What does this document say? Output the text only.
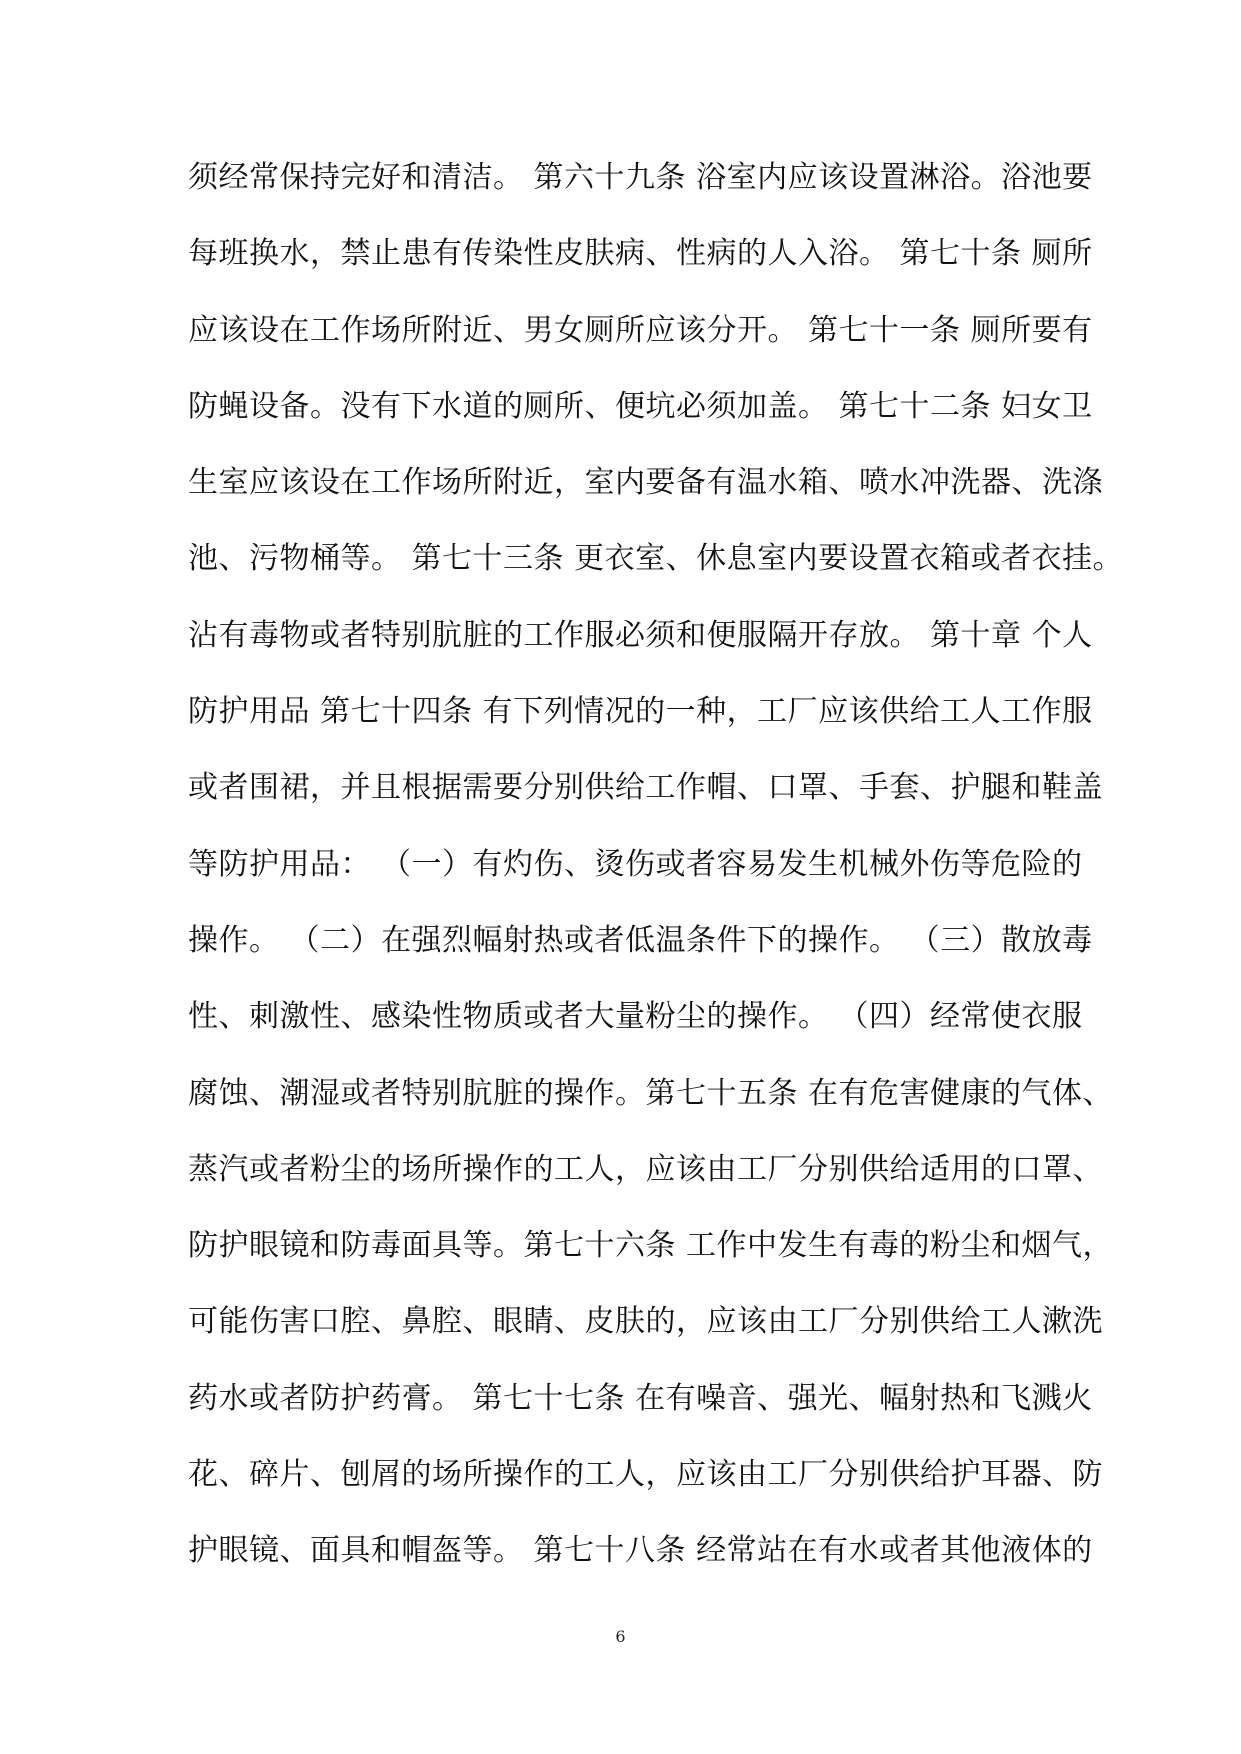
须经常保持完好和清洁。 第六十九条 浴室内应该设置淋浴。浴池要
每班换水，禁止患有传染性皮肤病、性病的人入浴。 第七十条 厕所
应该设在工作场所附近、男女厕所应该分开。 第七十一条 厕所要有
防蝇设备。没有下水道的厕所、便坑必须加盖。 第七十二条 妇女卫
生室应该设在工作场所附近，室内要备有温水箱、喷水冲洗器、洗涤
池、污物桶等。 第七十三条 更衣室、休息室内要设置衣箱或者衣挂。
沾有毒物或者特别肮脏的工作服必须和便服隔开存放。 第十章 个人
防护用品 第七十四条 有下列情况的一种，工厂应该供给工人工作服
或者围裙，并且根据需要分别供给工作帽、口罩、手套、护腿和鞋盖
等防护用品： （一）有灼伤、烫伤或者容易发生机械外伤等危险的
操作。 （二）在强烈幅射热或者低温条件下的操作。 （三）散放毒
性、刺激性、感染性物质或者大量粉尘的操作。 （四）经常使衣服
腐蚀、潮湿或者特别肮脏的操作。第七十五条 在有危害健康的气体、
蒸汽或者粉尘的场所操作的工人，应该由工厂分别供给适用的口罩、
防护眼镜和防毒面具等。第七十六条 工作中发生有毒的粉尘和烟气，
可能伤害口腔、鼻腔、眼睛、皮肤的，应该由工厂分别供给工人漱洗
药水或者防护药膏。 第七十七条 在有噪音、强光、幅射热和飞溅火
花、碎片、刨屑的场所操作的工人，应该由工厂分别供给护耳器、防
护眼镜、面具和帽盔等。 第七十八条 经常站在有水或者其他液体的
6
